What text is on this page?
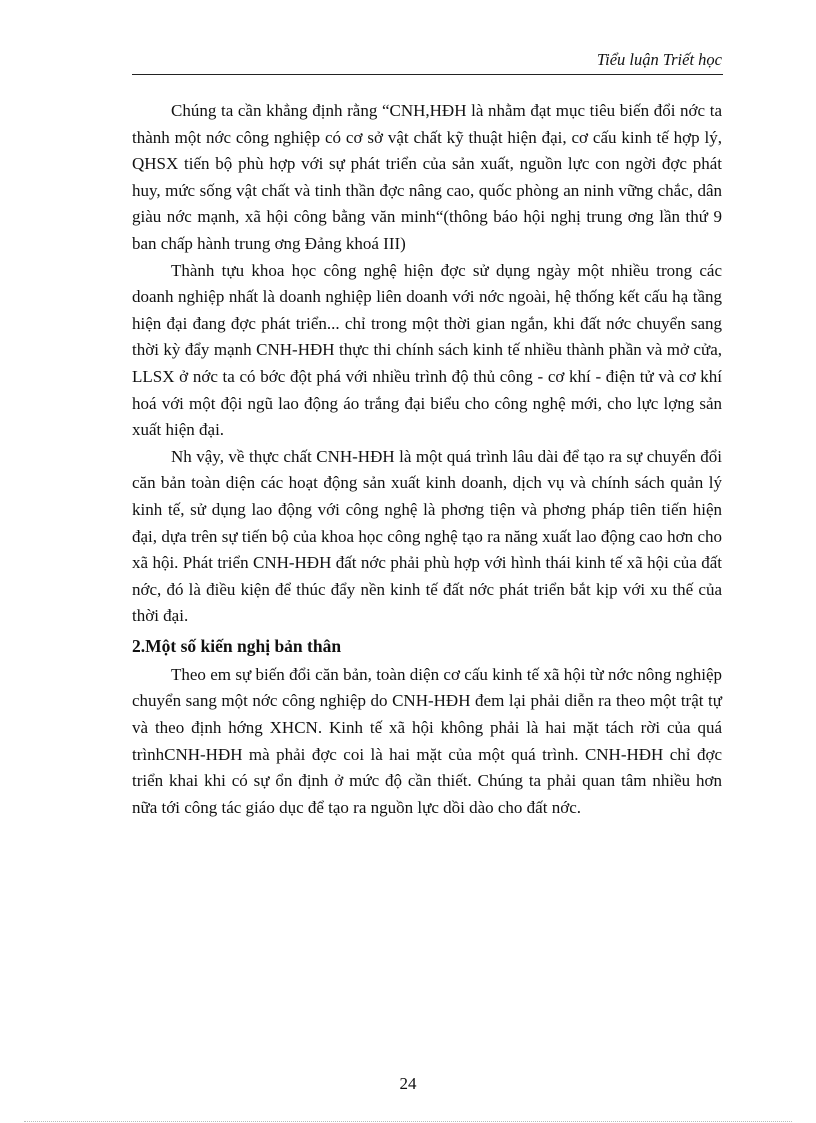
Tiểu luận Triết học

Chúng ta cần khẳng định rằng “CNH,HĐH là nhằm đạt mục tiêu biến đổi nớc ta thành một nớc công nghiệp có cơ sở vật chất kỹ thuật hiện đại, cơ cấu kinh tế hợp lý, QHSX tiến bộ phù hợp với sự phát triển của sản xuất, nguồn lực con ngời đợc phát huy, mức sống vật chất và tinh thần đợc nâng cao, quốc phòng an ninh vững chắc, dân giàu nớc mạnh, xã hội công bằng văn minh“(thông báo hội nghị trung ơng lần thứ 9 ban chấp hành trung ơng Đảng khoá III)

Thành tựu khoa học công nghệ hiện đợc sử dụng ngày một nhiều trong các doanh nghiệp nhất là doanh nghiệp liên doanh với nớc ngoài, hệ thống kết cấu hạ tầng hiện đại đang đợc phát triển... chỉ trong một thời gian ngắn, khi đất nớc chuyển sang thời kỳ đẩy mạnh CNH-HĐH thực thi chính sách kinh tế nhiều thành phần và mở cửa, LLSX ở nớc ta có bớc đột phá với nhiều trình độ thủ công - cơ khí - điện tử và cơ khí hoá với một đội ngũ lao động áo trắng đại biểu cho công nghệ mới, cho lực lợng sản xuất hiện đại.

Nh vậy, về thực chất CNH-HĐH là một quá trình lâu dài để tạo ra sự chuyển đổi căn bản toàn diện các hoạt động sản xuất kinh doanh, dịch vụ và chính sách quản lý kinh tế, sử dụng lao động với công nghệ là phơng tiện và phơng pháp tiên tiến hiện đại, dựa trên sự tiến bộ của khoa học công nghệ tạo ra năng xuất lao động cao hơn cho xã hội. Phát triển CNH-HĐH đất nớc phải phù hợp với hình thái kinh tế xã hội của đất nớc, đó là điều kiện để thúc đẩy nền kinh tế đất nớc phát triển bắt kịp với xu thế của thời đại.

2.Một số kiến nghị bản thân

Theo em sự biến đổi căn bản, toàn diện cơ cấu kinh tế xã hội từ nớc nông nghiệp chuyển sang một nớc công nghiệp do CNH-HĐH đem lại phải diễn ra theo một trật tự và theo định hớng XHCN. Kinh tế xã hội không phải là hai mặt tách rời của quá trìnhCNH-HĐH mà phải đợc coi là hai mặt của một quá trình. CNH-HĐH chỉ đợc triển khai khi có sự ổn định ở mức độ cần thiết. Chúng ta phải quan tâm nhiều hơn nữa tới công tác giáo dục để tạo ra nguồn lực dồi dào cho đất nớc.

24
